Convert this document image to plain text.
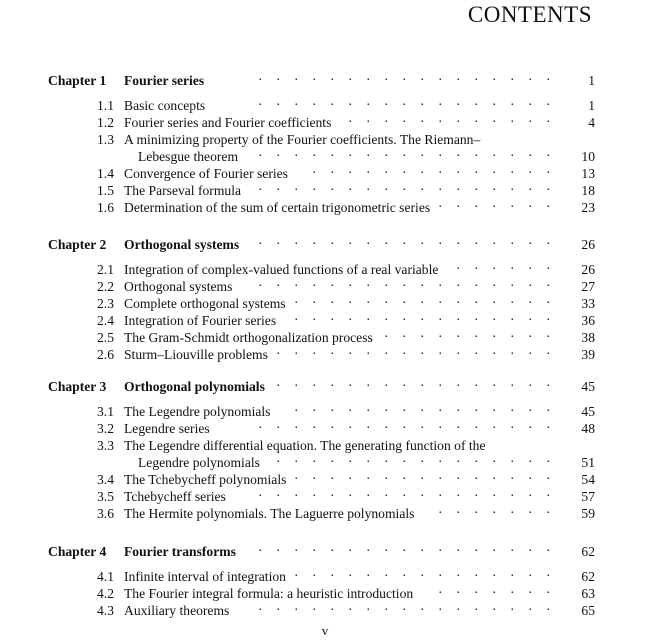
CONTENTS
Chapter 1 Fourier series	1
· · · · · · · · · · · · · · · · ·
1.1 Basic concepts	1
· · · · · · · · · · · · · · · · ·
1.2 Fourier series and Fourier coefficients	4
· · · · · · · · · · · ·
1.3 A minimizing property of the Fourier coefficients. The Riemann–
Lebesgue theorem	10
· · · · · · · · · · · · · · · · ·
1.4 Convergence of Fourier series	13
· · · · · · · · · · · · · ·
1.5 The Parseval formula	18
· · · · · · · · · · · · · · · · ·
1.6 Determination of the sum of certain trigonometric series	23
· · · · · · ·
Chapter 2 Orthogonal systems	26
· · · · · · · · · · · · · · · · ·
2.1 Integration of complex-valued functions of a real variable	26
· · · · · ·
2.2 Orthogonal systems	27
· · · · · · · · · · · · · · · · ·
2.3 Complete orthogonal systems	33
· · · · · · · · · · · · · · ·
2.4 Integration of Fourier series	36
· · · · · · · · · · · · · · ·
2.5 The Gram-Schmidt orthogonalization process	38
· · · · · · · · · ·
2.6 Sturm–Liouville problems	39
· · · · · · · · · · · · · · · ·
Chapter 3 Orthogonal polynomials	45
· · · · · · · · · · · · · · · ·
3.1 The Legendre polynomials	45
· · · · · · · · · · · · · · ·
3.2 Legendre series	48
· · · · · · · · · · · · · · · · ·
3.3 The Legendre differential equation. The generating function of the
Legendre polynomials	51
· · · · · · · · · · · · · · · ·
3.4 The Tchebycheff polynomials	54
· · · · · · · · · · · · · · ·
3.5 Tchebycheff series	57
· · · · · · · · · · · · · · · · ·
3.6 The Hermite polynomials. The Laguerre polynomials	59
· · · · · · ·
Chapter 4 Fourier transforms	62
· · · · · · · · · · · · · · · · ·
4.1 Infinite interval of integration	62
· · · · · · · · · · · · · · ·
4.2 The Fourier integral formula: a heuristic introduction	63
· · · · · · ·
4.3 Auxiliary theorems	65
· · · · · · · · · · · · · · · · ·
v
